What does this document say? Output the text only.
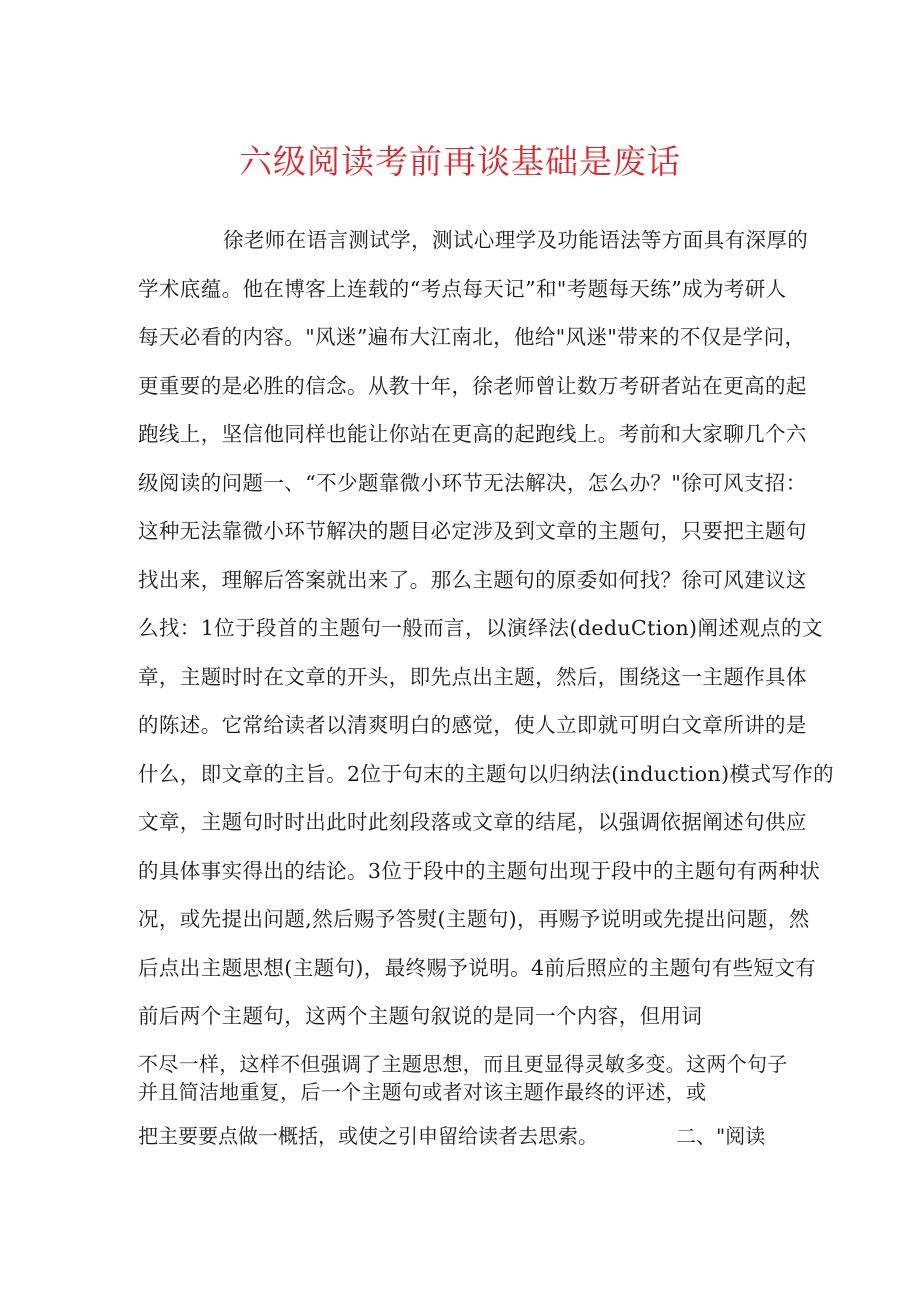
六级阅读考前再谈基础是废话
徐老师在语言测试学，测试心理学及功能语法等方面具有深厚的
学术底蕴。他在博客上连载的“考点每天记”和"考题每天练”成为考研人
每天必看的内容。"风迷”遍布大江南北，他给"风迷"带来的不仅是学问，
更重要的是必胜的信念。从教十年，徐老师曾让数万考研者站在更高的起
跑线上，坚信他同样也能让你站在更高的起跑线上。考前和大家聊几个六
级阅读的问题一、“不少题靠微小环节无法解决，怎么办？"徐可风支招：
这种无法靠微小环节解决的题目必定涉及到文章的主题句，只要把主题句
找出来，理解后答案就出来了。那么主题句的原委如何找？徐可风建议这
么找：1位于段首的主题句一般而言，以演绎法(deduCtion)阐述观点的文
章，主题时时在文章的开头，即先点出主题，然后，围绕这一主题作具体
的陈述。它常给读者以清爽明白的感觉，使人立即就可明白文章所讲的是
什么，即文章的主旨。2位于句末的主题句以归纳法(induction)模式写作的
文章，主题句时时出此时此刻段落或文章的结尾，以强调依据阐述句供应
的具体事实得出的结论。3位于段中的主题句出现于段中的主题句有两种状
况，或先提出问题,然后赐予答熨(主题句)，再赐予说明或先提出问题，然
后点出主题思想(主题句)，最终赐予说明。4前后照应的主题句有些短文有
前后两个主题句，这两个主题句叙说的是同一个内容，但用词
不尽一样，这样不但强调了主题思想，而且更显得灵敏多变。这两个句子
并且简洁地重复，后一个主题句或者对该主题作最终的评述，或
把主要要点做一概括，或使之引申留给读者去思索。	二、"阅读
